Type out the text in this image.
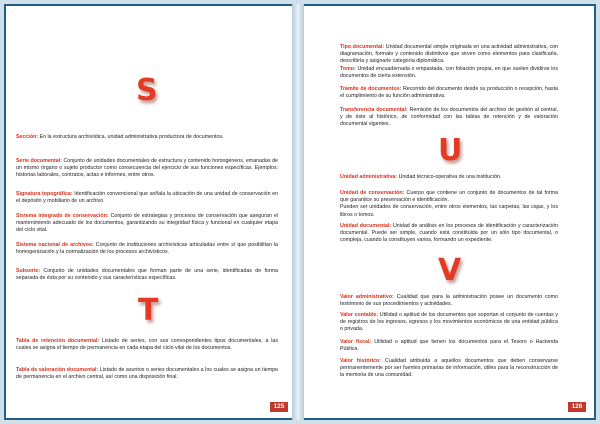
S
Sección: En la estructura archivística, unidad administrativa productora de documentos.
Serie documental: Conjunto de unidades documentales de estructura y contenido homogéneos, emanadas de un mismo órgano o sujeto productor como consecuencia del ejercicio de sus funciones específicas. Ejemplos: historias laborales, contratos, actas e informes, entre otros.
Signatura topográfica: Identificación convencional que señala la ubicación de una unidad de conservación en el depósito y mobiliario de un archivo.
Sistema integrado de conservación: Conjunto de estrategias y procesos de conservación que aseguran el mantenimiento adecuado de los documentos, garantizando su integridad física y funcional en cualquier etapa del ciclo vital.
Sistema nacional de archivos: Conjunto de instituciones archivísticas articuladas entre sí que posibilitan la homogenización y la normalización de los procesos archivísticos.
Subserie: Conjunto de unidades documentales que forman parte de una serie, identificadas de forma separada de ésta por su contenido y sus características específicas.
T
Tabla de retención documental: Listado de series, con sus correspondientes tipos documentales, a las cuales se asigna el tiempo de permanencia en cada etapa del ciclo vital de los documentos.
Tabla de valoración documental: Listado de asuntos o series documentales a los cuales se asigna un tiempo de permanencia en el archivo central, así como una disposición final.
125
Tipo documental: Unidad documental simple originada en una actividad administrativa, con diagramación, formato y contenido distintivos que sirven como elementos para clasificarla, describirla y asignarle categoría diplomática.
Tomo: Unidad encuadernada o empastada, con foliación propia, en que suelen dividirse los documentos de cierta extensión.
Trámite de documentos: Recorrido del documento desde su producción o recepción, hasta el cumplimiento de su función administrativa.
Transferencia documental: Remisión de los documentos del archivo de gestión al central, y de éste al histórico, de conformidad con las tablas de retención y de valoración documental vigentes.
U
Unidad administrativa: Unidad técnico-operativa de una institución.
Unidad de conservación: Cuerpo que contiene un conjunto de documentos de tal forma que garantice su preservación e identificación.
Pueden ser unidades de conservación, entre otros elementos, las carpetas, las cajas, y los libros o tomos.
Unidad documental: Unidad de análisis en los procesos de identificación y caracterización documental. Puede ser simple, cuando está constituida por un sólo tipo documental, o compleja, cuando la constituyen varios, formando un expediente.
V
Valor administrativo: Cualidad que para la administración posee un documento como testimonio de sus procedimientos y actividades.
Valor contable: Utilidad o aptitud de los documentos que soportan el conjunto de cuentas y de registros de los ingresos, egresos y los movimientos económicos de una entidad pública o privada.
Valor fiscal: Utilidad o aptitud que tienen los documentos para el Tesoro o Hacienda Pública.
Valor histórico: Cualidad atribuida a aquellos documentos que deben conservarse permanentemente por ser fuentes primarias de información, útiles para la reconstrucción de la memoria de una comunidad.
126
